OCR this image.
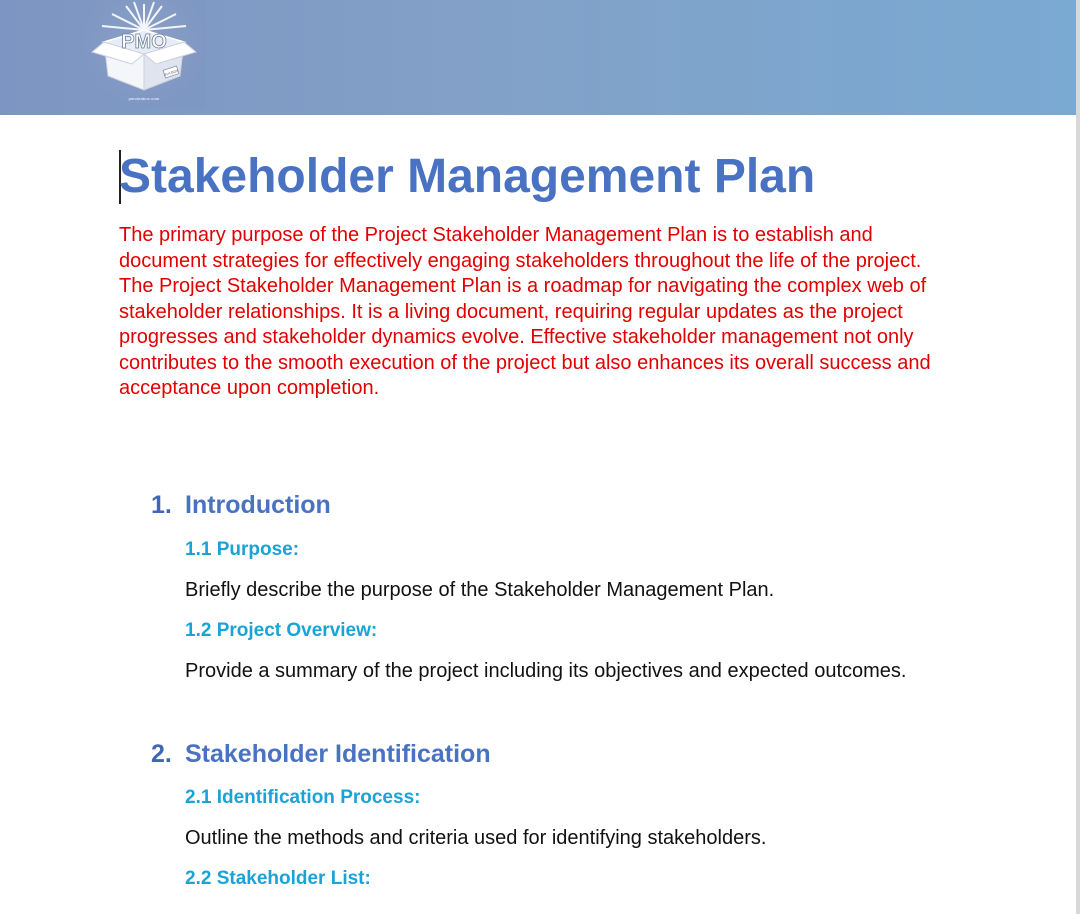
IN A BOX
PMO
pmoinabox.com
Stakeholder Management Plan

The primary purpose of the Project Stakeholder Management Plan is to establish and document strategies for effectively engaging stakeholders throughout the life of the project. The Project Stakeholder Management Plan is a roadmap for navigating the complex web of stakeholder relationships. It is a living document, requiring regular updates as the project progresses and stakeholder dynamics evolve. Effective stakeholder management not only contributes to the smooth execution of the project but also enhances its overall success and acceptance upon completion.

1. Introduction
1.1 Purpose:
Briefly describe the purpose of the Stakeholder Management Plan.
1.2 Project Overview:
Provide a summary of the project including its objectives and expected outcomes.
2. Stakeholder Identification
2.1 Identification Process:
Outline the methods and criteria used for identifying stakeholders.
2.2 Stakeholder List:
